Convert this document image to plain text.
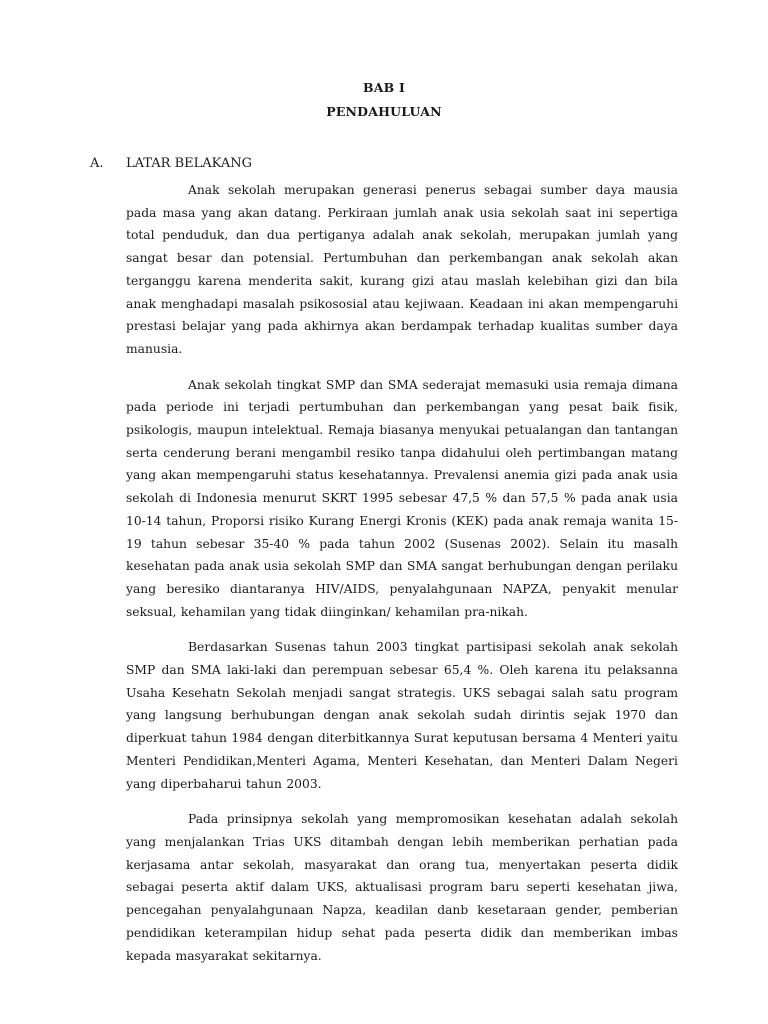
BAB I
PENDAHULUAN
A. LATAR BELAKANG

Anak sekolah merupakan generasi penerus sebagai sumber daya mausia pada masa yang akan datang. Perkiraan jumlah anak usia sekolah saat ini sepertiga total penduduk, dan dua pertiganya adalah anak sekolah, merupakan jumlah yang sangat besar dan potensial. Pertumbuhan dan perkembangan anak sekolah akan terganggu karena menderita sakit, kurang gizi atau maslah kelebihan gizi dan bila anak menghadapi masalah psikososial atau kejiwaan. Keadaan ini akan mempengaruhi prestasi belajar yang pada akhirnya akan berdampak terhadap kualitas sumber daya manusia.

Anak sekolah tingkat SMP dan SMA sederajat memasuki usia remaja dimana pada periode ini terjadi pertumbuhan dan perkembangan yang pesat baik fisik, psikologis, maupun intelektual. Remaja biasanya menyukai petualangan dan tantangan serta cenderung berani mengambil resiko tanpa didahului oleh pertimbangan matang yang akan mempengaruhi status kesehatannya. Prevalensi anemia gizi pada anak usia sekolah di Indonesia menurut SKRT 1995 sebesar 47,5 % dan 57,5 % pada anak usia 10-14 tahun, Proporsi risiko Kurang Energi Kronis (KEK) pada anak remaja wanita 15-19 tahun sebesar 35-40 % pada tahun 2002 (Susenas 2002). Selain itu masalh kesehatan pada anak usia sekolah SMP dan SMA sangat berhubungan dengan perilaku yang beresiko diantaranya HIV/AIDS, penyalahgunaan NAPZA, penyakit menular seksual, kehamilan yang tidak diinginkan/ kehamilan pra-nikah.

Berdasarkan Susenas tahun 2003 tingkat partisipasi sekolah anak sekolah SMP dan SMA laki-laki dan perempuan sebesar 65,4 %. Oleh karena itu pelaksanna Usaha Kesehatn Sekolah menjadi sangat strategis. UKS sebagai salah satu program yang langsung berhubungan dengan anak sekolah sudah dirintis sejak 1970 dan diperkuat tahun 1984 dengan diterbitkannya Surat keputusan bersama 4 Menteri yaitu Menteri Pendidikan,Menteri Agama, Menteri Kesehatan, dan Menteri Dalam Negeri yang diperbaharui tahun 2003.

Pada prinsipnya sekolah yang mempromosikan kesehatan adalah sekolah yang menjalankan Trias UKS ditambah dengan lebih memberikan perhatian pada kerjasama antar sekolah, masyarakat dan orang tua, menyertakan peserta didik sebagai peserta aktif dalam UKS, aktualisasi program baru seperti kesehatan jiwa, pencegahan penyalahgunaan Napza, keadilan danb kesetaraan gender, pemberian pendidikan keterampilan hidup sehat pada peserta didik dan memberikan imbas kepada masyarakat sekitarnya.
